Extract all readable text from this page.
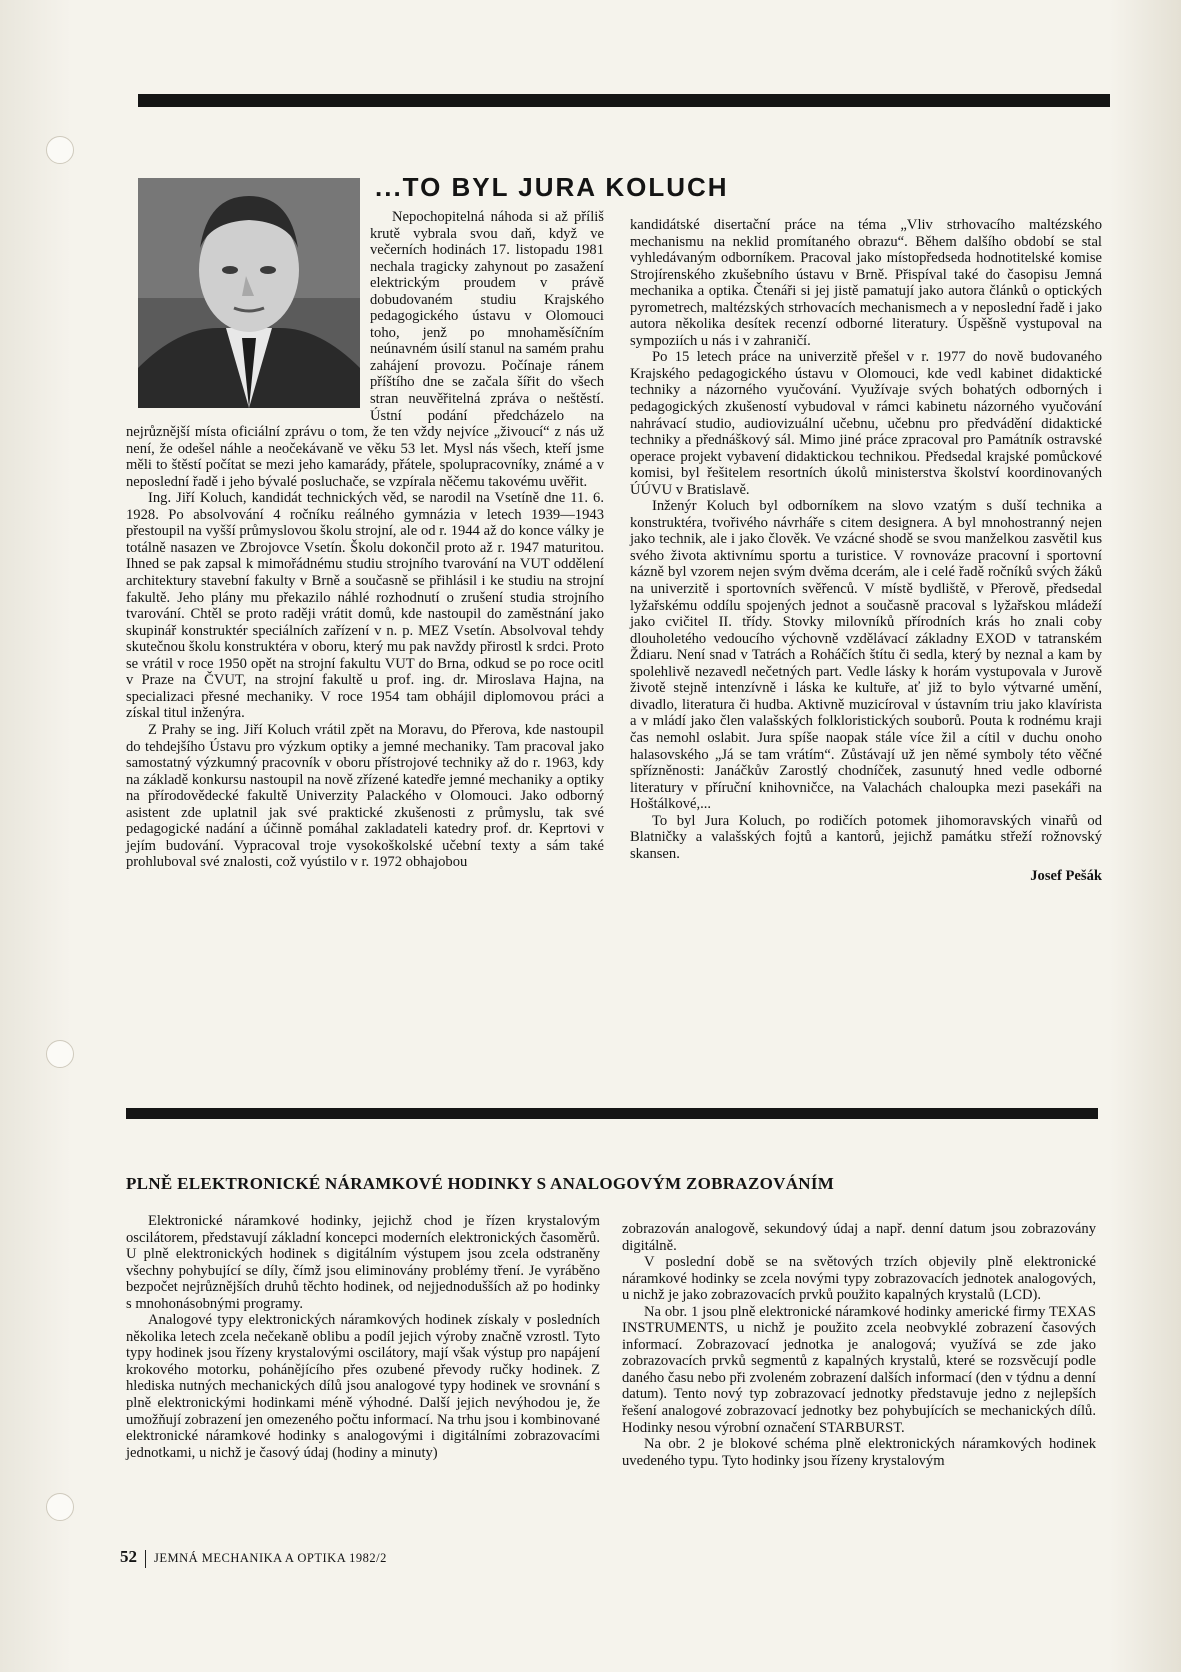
...TO BYL JURA KOLUCH

Nepochopitelná náhoda si až příliš krutě vybrala svou daň, když ve večerních hodinách 17. listopadu 1981 nechala tragicky zahynout po zasažení elektrickým proudem v právě dobudovaném studiu Krajského pedagogického ústavu v Olomouci toho, jenž po mnohaměsíčním neúnavném úsilí stanul na samém prahu zahájení provozu. Počínaje ránem příštího dne se začala šířit do všech stran neuvěřitelná zpráva o neštěstí. Ústní podání předcházelo na nejrůznější místa oficiální zprávu o tom, že ten vždy nejvíce „živoucí“ z nás už není, že odešel náhle a neočekávaně ve věku 53 let. Mysl nás všech, kteří jsme měli to štěstí počítat se mezi jeho kamarády, přátele, spolupracovníky, známé a v neposlední řadě i jeho bývalé posluchače, se vzpírala něčemu takovému uvěřit.

Ing. Jiří Koluch, kandidát technických věd, se narodil na Vsetíně dne 11. 6. 1928. Po absolvování 4 ročníku reálného gymnázia v letech 1939—1943 přestoupil na vyšší průmyslovou školu strojní, ale od r. 1944 až do konce války je totálně nasazen ve Zbrojovce Vsetín. Školu dokončil proto až r. 1947 maturitou. Ihned se pak zapsal k mimořádnému studiu strojního tvarování na VUT oddělení architektury stavební fakulty v Brně a současně se přihlásil i ke studiu na strojní fakultě. Jeho plány mu překazilo náhlé rozhodnutí o zrušení studia strojního tvarování. Chtěl se proto raději vrátit domů, kde nastoupil do zaměstnání jako skupinář konstruktér speciálních zařízení v n. p. MEZ Vsetín. Absolvoval tehdy skutečnou školu konstruktéra v oboru, který mu pak navždy přirostl k srdci. Proto se vrátil v roce 1950 opět na strojní fakultu VUT do Brna, odkud se po roce ocitl v Praze na ČVUT, na strojní fakultě u prof. ing. dr. Miroslava Hajna, na specializaci přesné mechaniky. V roce 1954 tam obhájil diplomovou práci a získal titul inženýra.

Z Prahy se ing. Jiří Koluch vrátil zpět na Moravu, do Přerova, kde nastoupil do tehdejšího Ústavu pro výzkum optiky a jemné mechaniky. Tam pracoval jako samostatný výzkumný pracovník v oboru přístrojové techniky až do r. 1963, kdy na základě konkursu nastoupil na nově zřízené katedře jemné mechaniky a optiky na přírodovědecké fakultě Univerzity Palackého v Olomouci. Jako odborný asistent zde uplatnil jak své praktické zkušenosti z průmyslu, tak své pedagogické nadání a účinně pomáhal zakladateli katedry prof. dr. Keprtovi v jejím budování. Vypracoval troje vysokoškolské učební texty a sám také prohluboval své znalosti, což vyústilo v r. 1972 obhajobou

kandidátské disertační práce na téma „Vliv strhovacího maltézského mechanismu na neklid promítaného obrazu“. Během dalšího období se stal vyhledávaným odborníkem. Pracoval jako místopředseda hodnotitelské komise Strojírenského zkušebního ústavu v Brně. Přispíval také do časopisu Jemná mechanika a optika. Čtenáři si jej jistě pamatují jako autora článků o optických pyrometrech, maltézských strhovacích mechanismech a v neposlední řadě i jako autora několika desítek recenzí odborné literatury. Úspěšně vystupoval na sympoziích u nás i v zahraničí.

Po 15 letech práce na univerzitě přešel v r. 1977 do nově budovaného Krajského pedagogického ústavu v Olomouci, kde vedl kabinet didaktické techniky a názorného vyučování. Využívaje svých bohatých odborných i pedagogických zkušeností vybudoval v rámci kabinetu názorného vyučování nahrávací studio, audiovizuální učebnu, učebnu pro předvádění didaktické techniky a přednáškový sál. Mimo jiné práce zpracoval pro Památník ostravské operace projekt vybavení didaktickou technikou. Předsedal krajské pomůckové komisi, byl řešitelem resortních úkolů ministerstva školství koordinovaných ÚÚVU v Bratislavě.

Inženýr Koluch byl odborníkem na slovo vzatým s duší technika a konstruktéra, tvořivého návrháře s citem designera. A byl mnohostranný nejen jako technik, ale i jako člověk. Ve vzácné shodě se svou manželkou zasvětil kus svého života aktivnímu sportu a turistice. V rovnováze pracovní i sportovní kázně byl vzorem nejen svým dvěma dcerám, ale i celé řadě ročníků svých žáků na univerzitě i sportovních svěřenců. V místě bydliště, v Přerově, předsedal lyžařskému oddílu spojených jednot a současně pracoval s lyžařskou mládeží jako cvičitel II. třídy. Stovky milovníků přírodních krás ho znali coby dlouholetého vedoucího výchovně vzdělávací základny EXOD v tatranském Ždiaru. Není snad v Tatrách a Roháčích štítu či sedla, který by neznal a kam by spolehlivě nezavedl nečetných part. Vedle lásky k horám vystupovala v Jurově životě stejně intenzívně i láska ke kultuře, ať již to bylo výtvarné umění, divadlo, literatura či hudba. Aktivně muzicíroval v ústavním triu jako klavírista a v mládí jako člen valašských folkloristických souborů. Pouta k rodnému kraji čas nemohl oslabit. Jura spíše naopak stále více žil a cítil v duchu onoho halasovského „Já se tam vrátím“. Zůstávají už jen němé symboly této věčné spřízněnosti: Janáčkův Zarostlý chodníček, zasunutý hned vedle odborné literatury v příruční knihovničce, na Valachách chaloupka mezi pasekáři na Hoštálkové,...

To byl Jura Koluch, po rodičích potomek jihomoravských vinařů od Blatničky a valašských fojtů a kantorů, jejichž památku střeží rožnovský skansen.

Josef Pešák
PLNĚ ELEKTRONICKÉ NÁRAMKOVÉ HODINKY S ANALOGOVÝM ZOBRAZOVÁNÍM

Elektronické náramkové hodinky, jejichž chod je řízen krystalovým oscilátorem, představují základní koncepci moderních elektronických časoměrů. U plně elektronických hodinek s digitálním výstupem jsou zcela odstraněny všechny pohybující se díly, čímž jsou eliminovány problémy tření. Je vyráběno bezpočet nejrůznějších druhů těchto hodinek, od nejjednodušších až po hodinky s mnohonásobnými programy.

Analogové typy elektronických náramkových hodinek získaly v posledních několika letech zcela nečekaně oblibu a podíl jejich výroby značně vzrostl. Tyto typy hodinek jsou řízeny krystalovými oscilátory, mají však výstup pro napájení krokového motorku, pohánějícího přes ozubené převody ručky hodinek. Z hlediska nutných mechanických dílů jsou analogové typy hodinek ve srovnání s plně elektronickými hodinkami méně výhodné. Další jejich nevýhodou je, že umožňují zobrazení jen omezeného počtu informací. Na trhu jsou i kombinované elektronické náramkové hodinky s analogovými i digitálními zobrazovacími jednotkami, u nichž je časový údaj (hodiny a minuty)

zobrazován analogově, sekundový údaj a např. denní datum jsou zobrazovány digitálně.

V poslední době se na světových trzích objevily plně elektronické náramkové hodinky se zcela novými typy zobrazovacích jednotek analogových, u nichž je jako zobrazovacích prvků použito kapalných krystalů (LCD).

Na obr. 1 jsou plně elektronické náramkové hodinky americké firmy TEXAS INSTRUMENTS, u nichž je použito zcela neobvyklé zobrazení časových informací. Zobrazovací jednotka je analogová; využívá se zde jako zobrazovacích prvků segmentů z kapalných krystalů, které se rozsvěcují podle daného času nebo při zvoleném zobrazení dalších informací (den v týdnu a denní datum). Tento nový typ zobrazovací jednotky představuje jedno z nejlepších řešení analogové zobrazovací jednotky bez pohybujících se mechanických dílů. Hodinky nesou výrobní označení STARBURST.

Na obr. 2 je blokové schéma plně elektronických náramkových hodinek uvedeného typu. Tyto hodinky jsou řízeny krystalovým

52 JEMNÁ MECHANIKA A OPTIKA 1982/2
